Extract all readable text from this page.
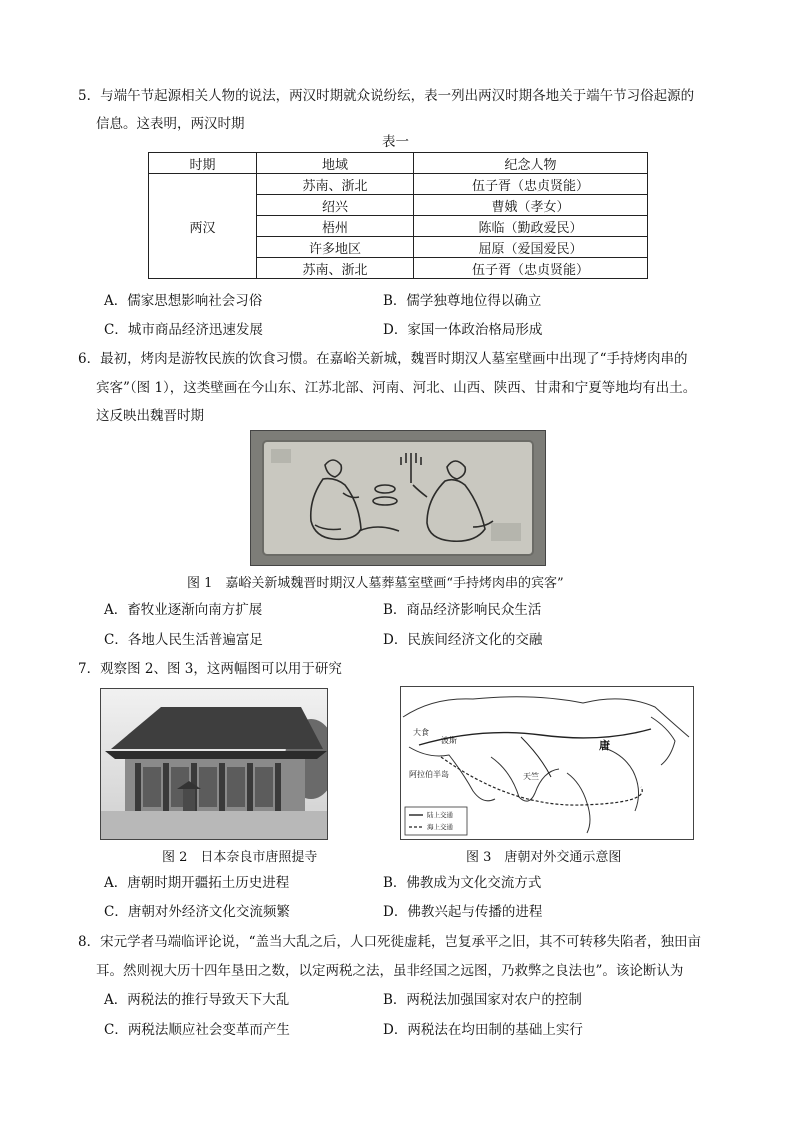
5．与端午节起源相关人物的说法，两汉时期就众说纷纭，表一列出两汉时期各地关于端午节习俗起源的
信息。这表明，两汉时期
表一
时期	地域	纪念人物
两汉	苏南、浙北	伍子胥（忠贞贤能）
	绍兴	曹娥（孝女）
	梧州	陈临（勤政爱民）
	许多地区	屈原（爱国爱民）
	苏南、浙北	伍子胥（忠贞贤能）
A．儒家思想影响社会习俗	B．儒学独尊地位得以确立
C．城市商品经济迅速发展	D．家国一体政治格局形成
6．最初，烤肉是游牧民族的饮食习惯。在嘉峪关新城，魏晋时期汉人墓室壁画中出现了“手持烤肉串的
宾客”（图 1），这类壁画在今山东、江苏北部、河南、河北、山西、陕西、甘肃和宁夏等地均有出土。
这反映出魏晋时期
图 1　嘉峪关新城魏晋时期汉人墓葬墓室壁画“手持烤肉串的宾客”
A．畜牧业逐渐向南方扩展	B．商品经济影响民众生活
C．各地人民生活普遍富足	D．民族间经济文化的交融
7．观察图 2、图 3，这两幅图可以用于研究
图 2　日本奈良市唐照提寺
唐
天竺
阿拉伯半岛
波斯
大食
陆上交通
海上交通
图 3　唐朝对外交通示意图
A．唐朝时期开疆拓土历史进程	B．佛教成为文化交流方式
C．唐朝对外经济文化交流频繁	D．佛教兴起与传播的进程
8．宋元学者马端临评论说，“盖当大乱之后，人口死徙虚耗，岂复承平之旧，其不可转移失陷者，独田亩
耳。然则视大历十四年垦田之数，以定两税之法，虽非经国之远图，乃救弊之良法也”。该论断认为
A．两税法的推行导致天下大乱	B．两税法加强国家对农户的控制
C．两税法顺应社会变革而产生	D．两税法在均田制的基础上实行
